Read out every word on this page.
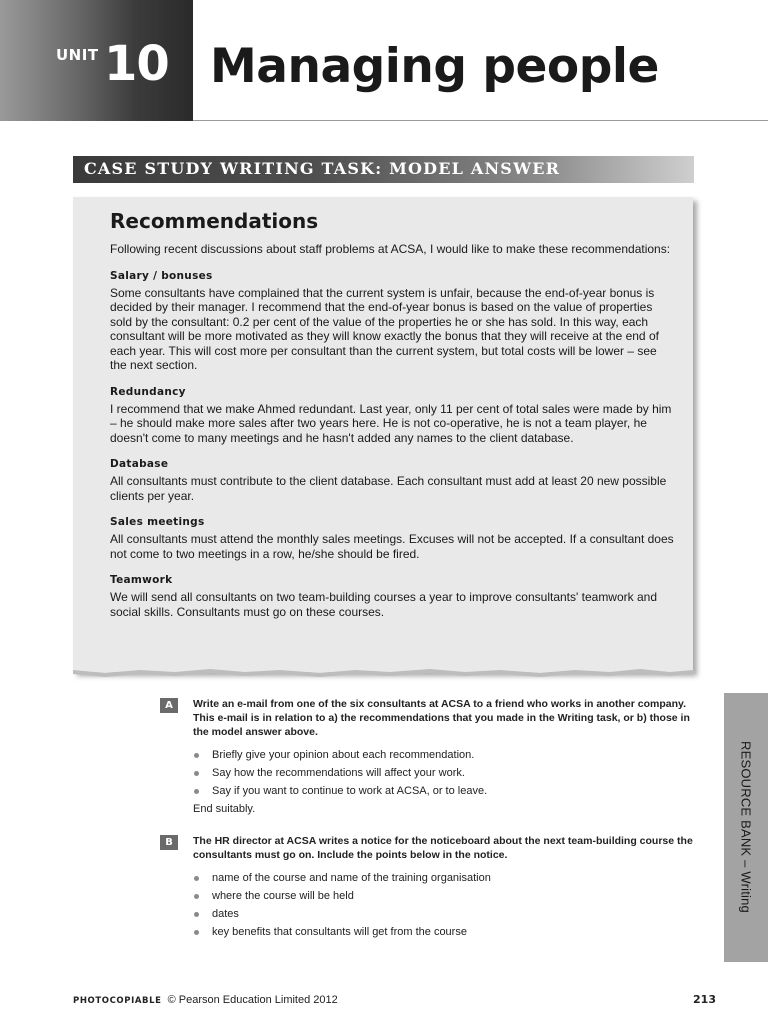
UNIT 10 Managing people
CASE STUDY WRITING TASK: MODEL ANSWER
Recommendations

Following recent discussions about staff problems at ACSA, I would like to make these recommendations:

Salary / bonuses

Some consultants have complained that the current system is unfair, because the end-of-year bonus is decided by their manager. I recommend that the end-of-year bonus is based on the value of properties sold by the consultant: 0.2 per cent of the value of the properties he or she has sold. In this way, each consultant will be more motivated as they will know exactly the bonus that they will receive at the end of each year. This will cost more per consultant than the current system, but total costs will be lower – see the next section.

Redundancy

I recommend that we make Ahmed redundant. Last year, only 11 per cent of total sales were made by him – he should make more sales after two years here. He is not co-operative, he is not a team player, he doesn't come to many meetings and he hasn't added any names to the client database.

Database

All consultants must contribute to the client database. Each consultant must add at least 20 new possible clients per year.

Sales meetings

All consultants must attend the monthly sales meetings. Excuses will not be accepted. If a consultant does not come to two meetings in a row, he/she should be fired.

Teamwork

We will send all consultants on two team-building courses a year to improve consultants' teamwork and social skills. Consultants must go on these courses.

A	Write an e-mail from one of the six consultants at ACSA to a friend who works in another company. This e-mail is in relation to a) the recommendations that you made in the Writing task, or b) those in the model answer above.

Briefly give your opinion about each recommendation.
Say how the recommendations will affect your work.
Say if you want to continue to work at ACSA, or to leave.

End suitably.

B	The HR director at ACSA writes a notice for the noticeboard about the next team-building course the consultants must go on. Include the points below in the notice.

name of the course and name of the training organisation
where the course will be held
dates
key benefits that consultants will get from the course
RESOURCE BANK – Writing
PHOTOCOPIABLE © Pearson Education Limited 2012	213
